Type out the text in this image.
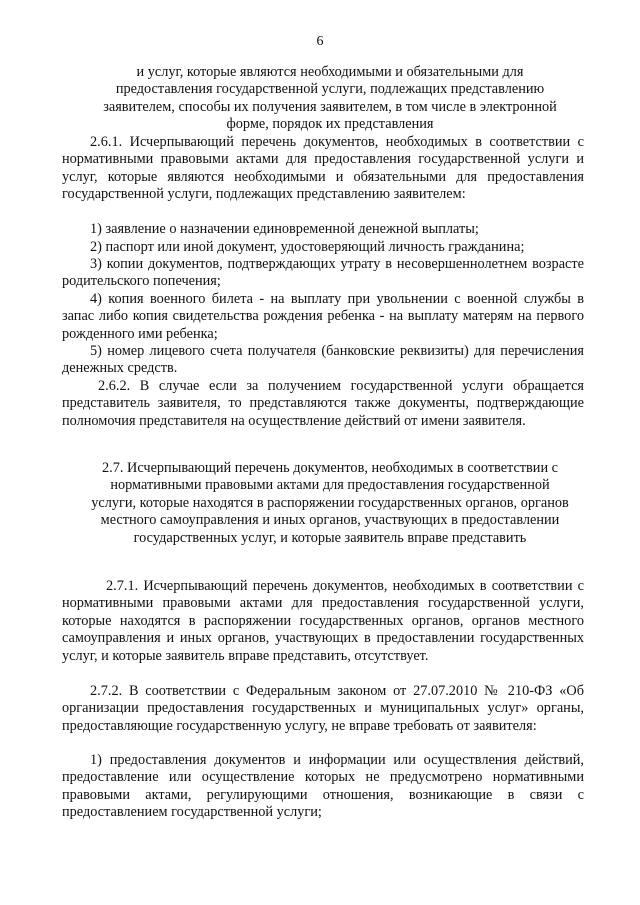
6
и услуг, которые являются необходимыми и обязательными для предоставления государственной услуги, подлежащих представлению заявителем, способы их получения заявителем, в том числе в электронной форме, порядок их представления

2.6.1. Исчерпывающий перечень документов, необходимых в соответствии с нормативными правовыми актами для предоставления государственной услуги и услуг, которые являются необходимыми и обязательными для предоставления государственной услуги, подлежащих представлению заявителем:

1) заявление о назначении единовременной денежной выплаты;

2) паспорт или иной документ, удостоверяющий личность гражданина;

3) копии документов, подтверждающих утрату в несовершеннолетнем возрасте родительского попечения;

4) копия военного билета - на выплату при увольнении с военной службы в запас либо копия свидетельства рождения ребенка - на выплату матерям на первого рожденного ими ребенка;

5) номер лицевого счета получателя (банковские реквизиты) для перечисления денежных средств.

2.6.2. В случае если за получением государственной услуги обращается представитель заявителя, то представляются также документы, подтверждающие полномочия представителя на осуществление действий от имени заявителя.

2.7. Исчерпывающий перечень документов, необходимых в соответствии с нормативными правовыми актами для предоставления государственной услуги, которые находятся в распоряжении государственных органов, органов местного самоуправления и иных органов, участвующих в предоставлении государственных услуг, и которые заявитель вправе представить

2.7.1. Исчерпывающий перечень документов, необходимых в соответствии с нормативными правовыми актами для предоставления государственной услуги, которые находятся в распоряжении государственных органов, органов местного самоуправления и иных органов, участвующих в предоставлении государственных услуг, и которые заявитель вправе представить, отсутствует.

2.7.2. В соответствии с Федеральным законом от 27.07.2010 № 210-ФЗ «Об организации предоставления государственных и муниципальных услуг» органы, предоставляющие государственную услугу, не вправе требовать от заявителя:

1) предоставления документов и информации или осуществления действий, предоставление или осуществление которых не предусмотрено нормативными правовыми актами, регулирующими отношения, возникающие в связи с предоставлением государственной услуги;
